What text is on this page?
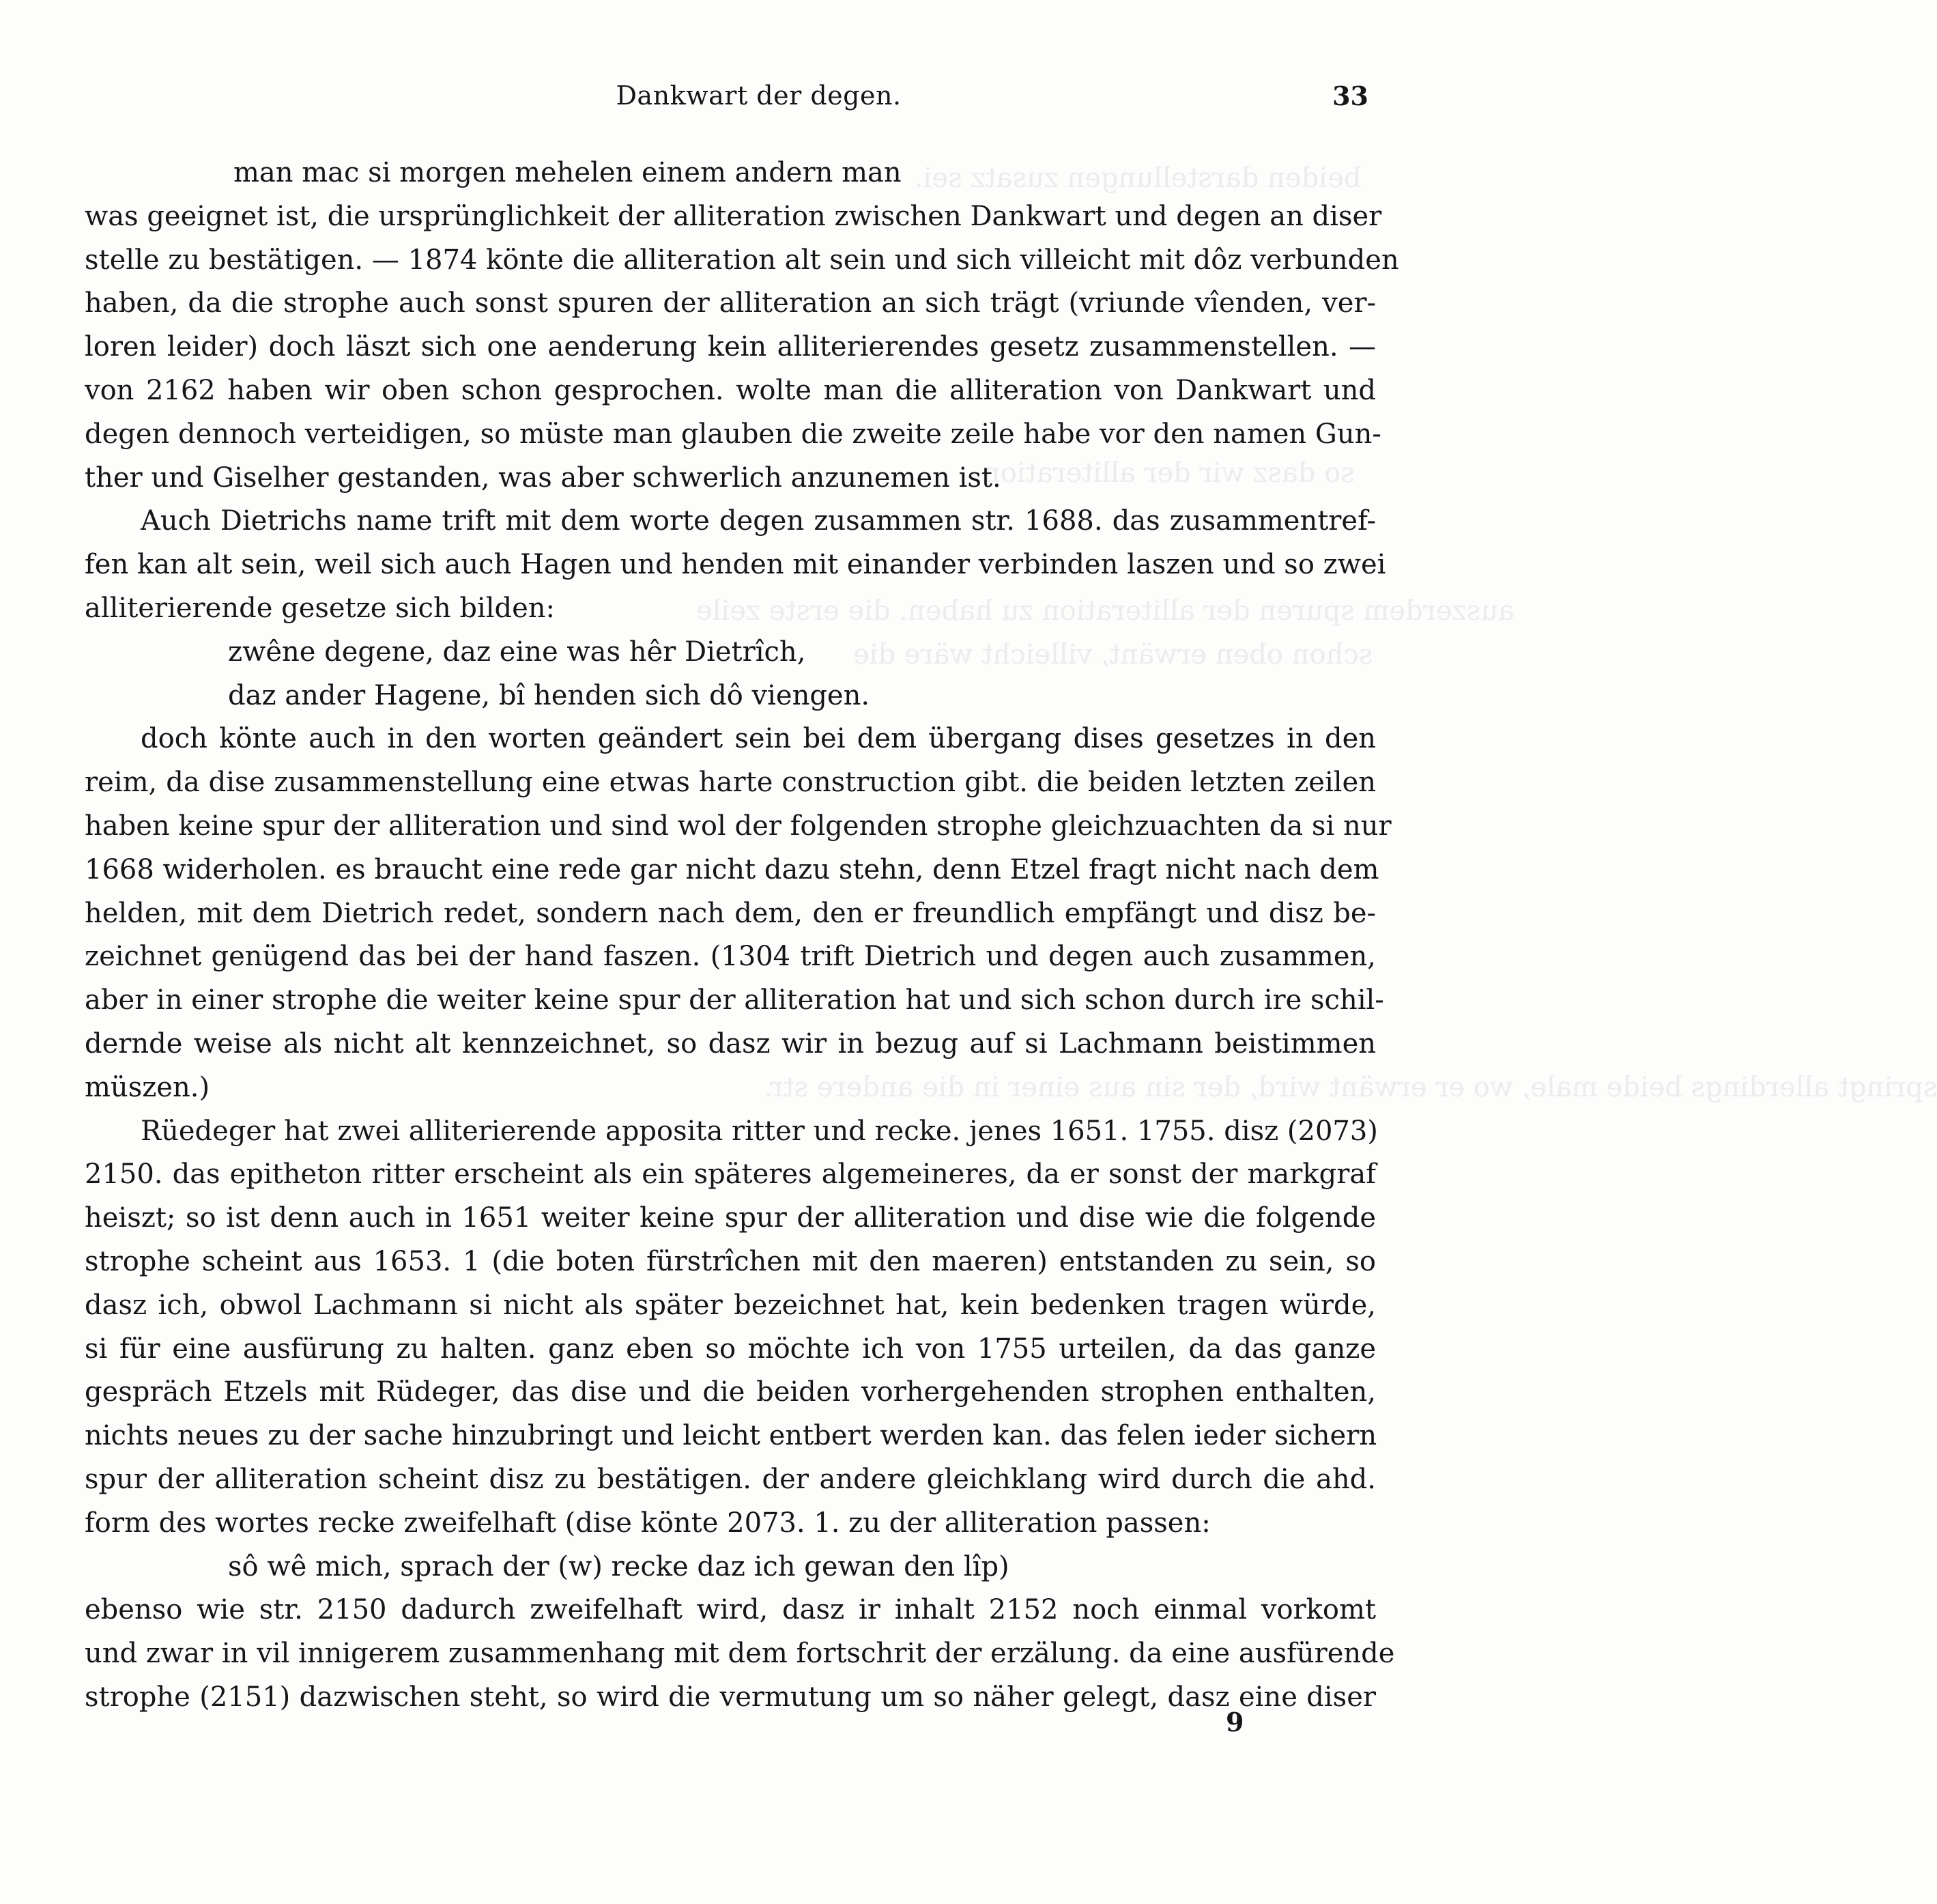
beiden darstellungen zusatz sei.
so dasz wir der alliteration
auszerdem spuren der alliteration zu haben. die erste zeile
schon oben erwänt, villeicht wäre die
springt allerdings beide male, wo er erwänt wird, der sin aus einer in die andere str.
Dankwart der degen.	33
man mac si morgen mehelen einem andern man
was geeignet ist, die ursprünglichkeit der alliteration zwischen Dankwart und degen an diser
stelle zu bestätigen. — 1874 könte die alliteration alt sein und sich villeicht mit dôz verbunden
haben, da die strophe auch sonst spuren der alliteration an sich trägt (vriunde vîenden, ver-
loren leider) doch läszt sich one aenderung kein alliterierendes gesetz zusammenstellen. —
von 2162 haben wir oben schon gesprochen. wolte man die alliteration von Dankwart und
degen dennoch verteidigen, so müste man glauben die zweite zeile habe vor den namen Gun-
ther und Giselher gestanden, was aber schwerlich anzunemen ist.
Auch Dietrichs name trift mit dem worte degen zusammen str. 1688. das zusammentref-
fen kan alt sein, weil sich auch Hagen und henden mit einander verbinden laszen und so zwei
alliterierende gesetze sich bilden:
zwêne degene, daz eine was hêr Dietrîch,
daz ander Hagene, bî henden sich dô viengen.
doch könte auch in den worten geändert sein bei dem übergang dises gesetzes in den
reim, da dise zusammenstellung eine etwas harte construction gibt. die beiden letzten zeilen
haben keine spur der alliteration und sind wol der folgenden strophe gleichzuachten da si nur
1668 widerholen. es braucht eine rede gar nicht dazu stehn, denn Etzel fragt nicht nach dem
helden, mit dem Dietrich redet, sondern nach dem, den er freundlich empfängt und disz be-
zeichnet genügend das bei der hand faszen. (1304 trift Dietrich und degen auch zusammen,
aber in einer strophe die weiter keine spur der alliteration hat und sich schon durch ire schil-
dernde weise als nicht alt kennzeichnet, so dasz wir in bezug auf si Lachmann beistimmen
müszen.)
Rüedeger hat zwei alliterierende apposita ritter und recke. jenes 1651. 1755. disz (2073)
2150. das epitheton ritter erscheint als ein späteres algemeineres, da er sonst der markgraf
heiszt; so ist denn auch in 1651 weiter keine spur der alliteration und dise wie die folgende
strophe scheint aus 1653. 1 (die boten fürstrîchen mit den maeren) entstanden zu sein, so
dasz ich, obwol Lachmann si nicht als später bezeichnet hat, kein bedenken tragen würde,
si für eine ausfürung zu halten. ganz eben so möchte ich von 1755 urteilen, da das ganze
gespräch Etzels mit Rüdeger, das dise und die beiden vorhergehenden strophen enthalten,
nichts neues zu der sache hinzubringt und leicht entbert werden kan. das felen ieder sichern
spur der alliteration scheint disz zu bestätigen. der andere gleichklang wird durch die ahd.
form des wortes recke zweifelhaft (dise könte 2073. 1. zu der alliteration passen:
sô wê mich, sprach der (w) recke daz ich gewan den lîp)
ebenso wie str. 2150 dadurch zweifelhaft wird, dasz ir inhalt 2152 noch einmal vorkomt
und zwar in vil innigerem zusammenhang mit dem fortschrit der erzälung. da eine ausfürende
strophe (2151) dazwischen steht, so wird die vermutung um so näher gelegt, dasz eine diser
9
